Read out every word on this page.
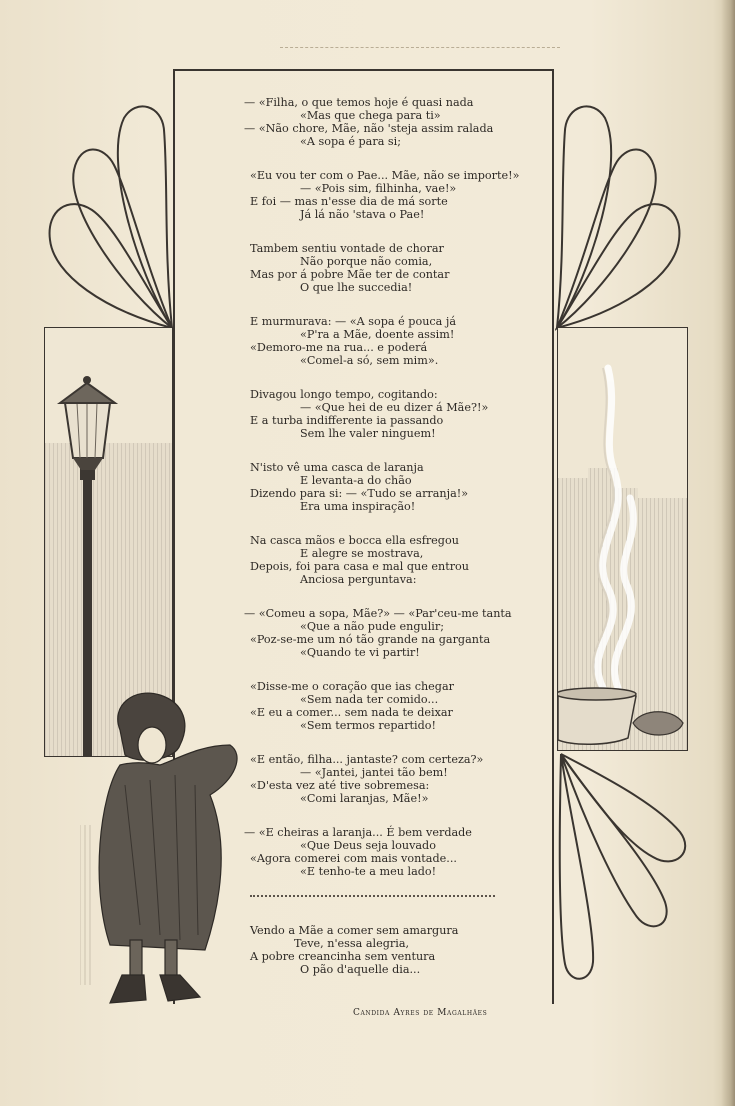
— «Filha, o que temos hoje é quasi nada
«Mas que chega para ti»
— «Não chore, Mãe, não 'steja assim ralada
«A sopa é para si;
«Eu vou ter com o Pae... Mãe, não se importe!»
— «Pois sim, filhinha, vae!»
E foi — mas n'esse dia de má sorte
Já lá não 'stava o Pae!
Tambem sentiu vontade de chorar
Não porque não comia,
Mas por á pobre Mãe ter de contar
O que lhe succedia!
E murmurava: — «A sopa é pouca já
«P'ra a Mãe, doente assim!
«Demoro-me na rua... e poderá
«Comel-a só, sem mim».
Divagou longo tempo, cogitando:
— «Que hei de eu dizer á Mãe?!»
E a turba indifferente ia passando
Sem lhe valer ninguem!
N'isto vê uma casca de laranja
E levanta-a do chão
Dizendo para si: — «Tudo se arranja!»
Era uma inspiração!
Na casca mãos e bocca ella esfregou
E alegre se mostrava,
Depois, foi para casa e mal que entrou
Anciosa perguntava:
— «Comeu a sopa, Mãe?» — «Par'ceu-me tanta
«Que a não pude engulir;
«Poz-se-me um nó tão grande na garganta
«Quando te vi partir!
«Disse-me o coração que ias chegar
«Sem nada ter comido...
«E eu a comer... sem nada te deixar
«Sem termos repartido!
«E então, filha... jantaste? com certeza?»
— «Jantei, jantei tão bem!
«D'esta vez até tive sobremesa:
«Comi laranjas, Mãe!»
— «E cheiras a laranja... É bem verdade
«Que Deus seja louvado
«Agora comerei com mais vontade...
«E tenho-te a meu lado!
Vendo a Mãe a comer sem amargura
Teve, n'essa alegria,
A pobre creancinha sem ventura
O pão d'aquelle dia...
Candida Ayres de Magalhães
